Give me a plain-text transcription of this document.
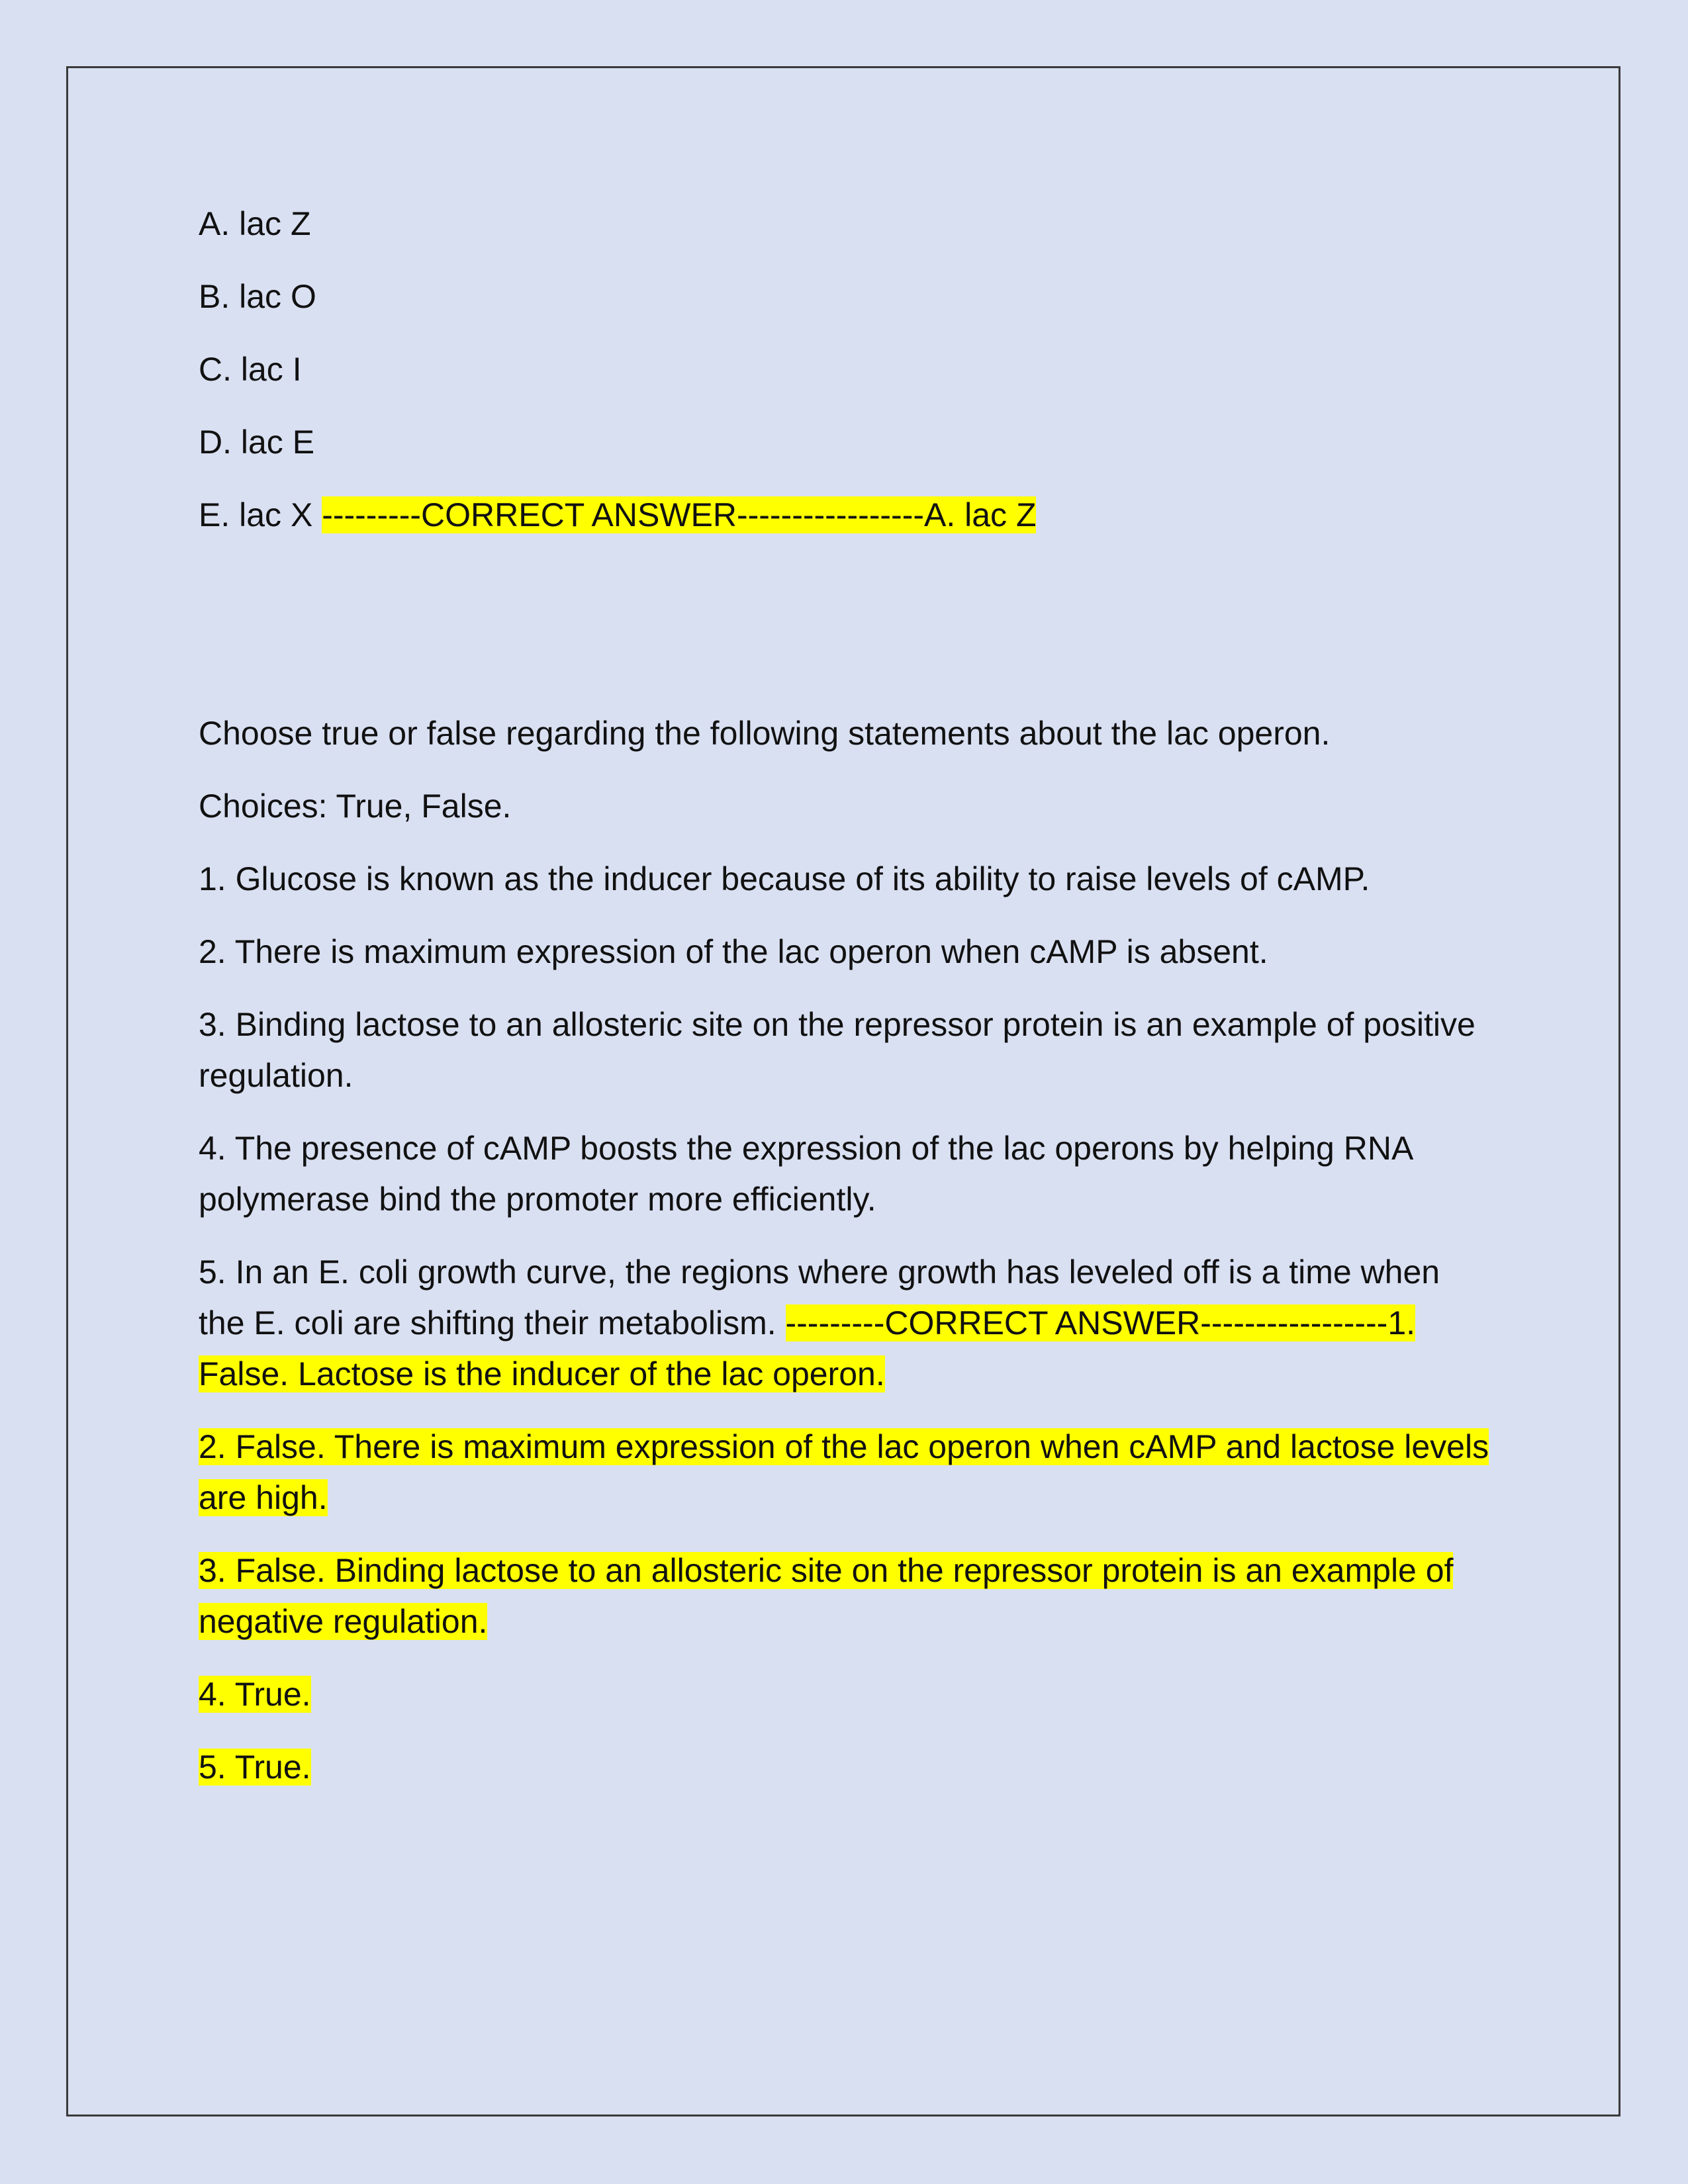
A. lac Z
B. lac O
C. lac I
D. lac E
E. lac X ---------CORRECT ANSWER-----------------A. lac Z
Choose true or false regarding the following statements about the lac operon.
Choices: True, False.
1. Glucose is known as the inducer because of its ability to raise levels of cAMP.
2. There is maximum expression of the lac operon when cAMP is absent.
3. Binding lactose to an allosteric site on the repressor protein is an example of positive regulation.
4. The presence of cAMP boosts the expression of the lac operons by helping RNA polymerase bind the promoter more efficiently.
5. In an E. coli growth curve, the regions where growth has leveled off is a time when the E. coli are shifting their metabolism. ---------CORRECT ANSWER-----------------1. False. Lactose is the inducer of the lac operon.
2. False. There is maximum expression of the lac operon when cAMP and lactose levels are high.
3. False. Binding lactose to an allosteric site on the repressor protein is an example of negative regulation.
4. True.
5. True.
